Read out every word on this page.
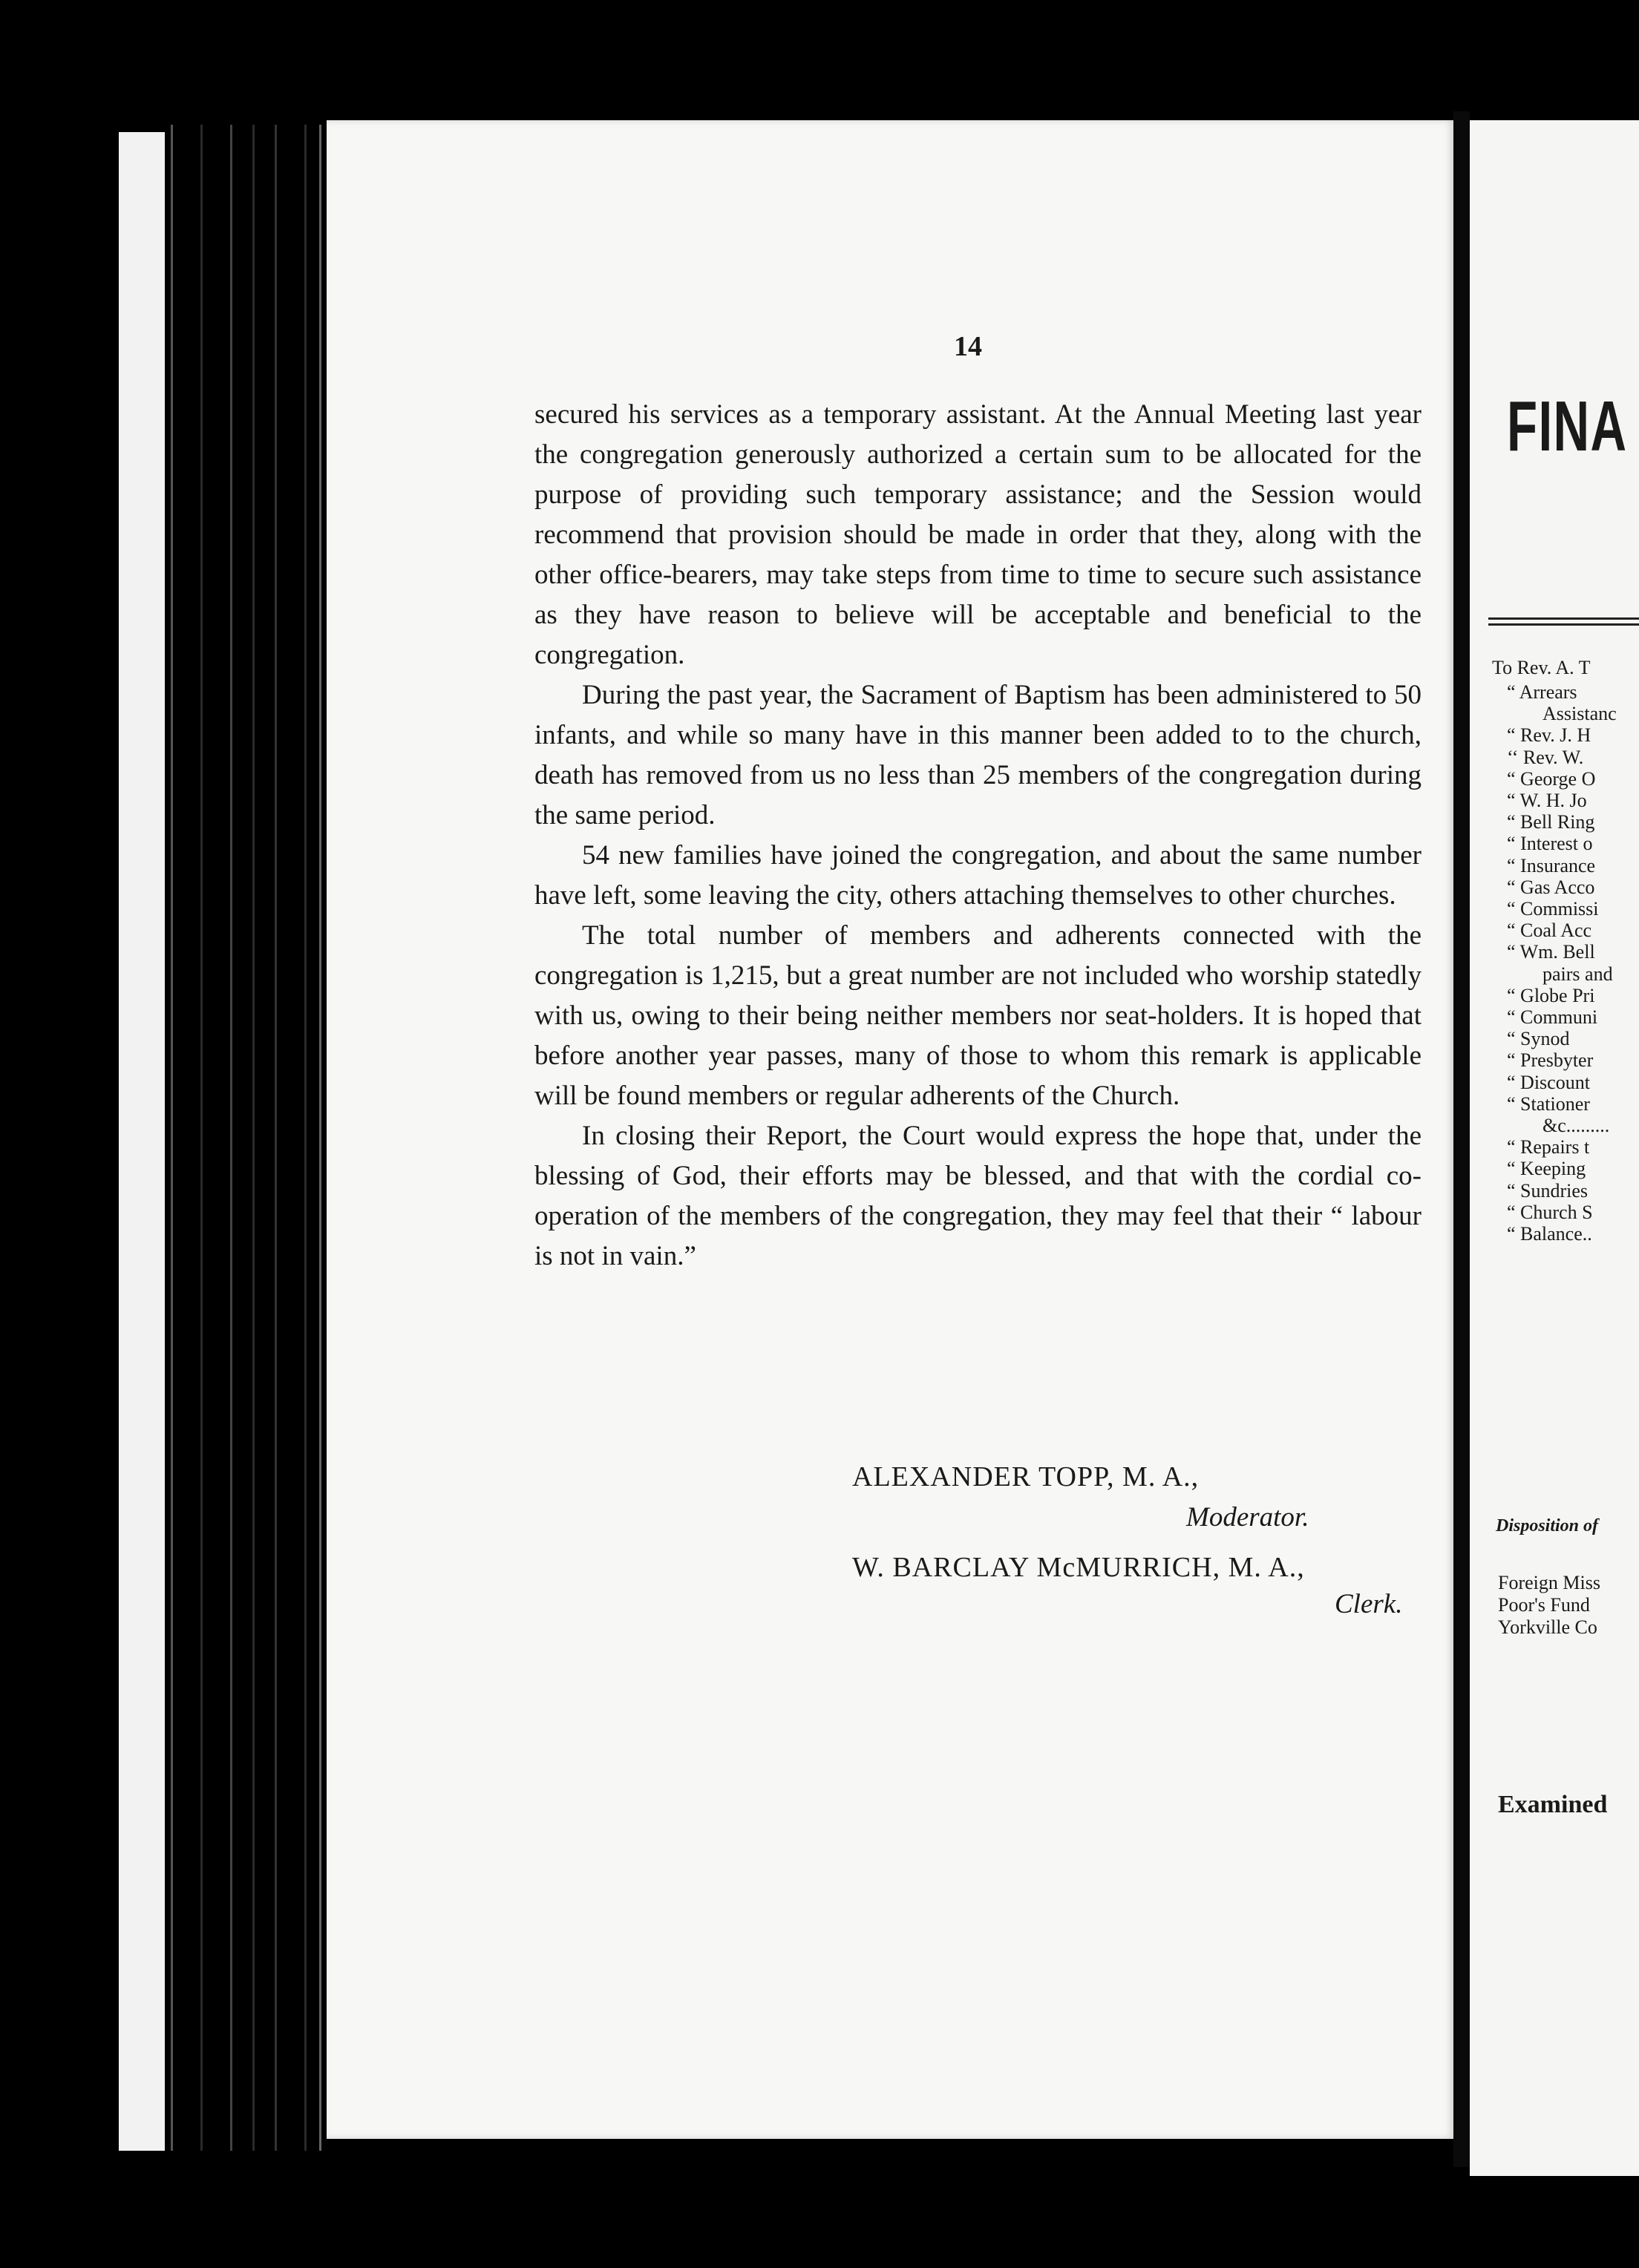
14

secured his services as a temporary assistant. At the Annual Meeting last year the congregation generously authorized a certain sum to be allocated for the purpose of providing such temporary assistance; and the Session would recommend that provision should be made in order that they, along with the other office-bearers, may take steps from time to time to secure such assistance as they have reason to believe will be acceptable and beneficial to the congregation.

During the past year, the Sacrament of Baptism has been administered to 50 infants, and while so many have in this manner been added to to the church, death has removed from us no less than 25 members of the congregation during the same period.

54 new families have joined the congregation, and about the same number have left, some leaving the city, others attaching themselves to other churches.

The total number of members and adherents connected with the congregation is 1,215, but a great number are not included who worship statedly with us, owing to their being neither members nor seat-holders. It is hoped that before another year passes, many of those to whom this remark is applicable will be found members or regular adherents of the Church.

In closing their Report, the Court would express the hope that, under the blessing of God, their efforts may be blessed, and that with the cordial co-operation of the members of the congregation, they may feel that their “ labour is not in vain.”

ALEXANDER TOPP, M. A.,
Moderator.
W. BARCLAY McMURRICH, M. A.,
Clerk.
FINA
To Rev. A. T
“ Arrears
Assistanc
“ Rev. J. H
‘‘ Rev. W.
“ George O
“ W. H. Jo
“ Bell Ring
“ Interest o
“ Insurance
“ Gas Acco
“ Commissi
“ Coal Acc
“ Wm. Bell
pairs and
“ Globe Pri
“ Communi
“ Synod
“ Presbyter
“ Discount
“ Stationer
&c.........
“ Repairs t
“ Keeping
“ Sundries
“ Church S
“ Balance..
Disposition of
Foreign Miss
Poor's Fund
Yorkville Co
Examined
